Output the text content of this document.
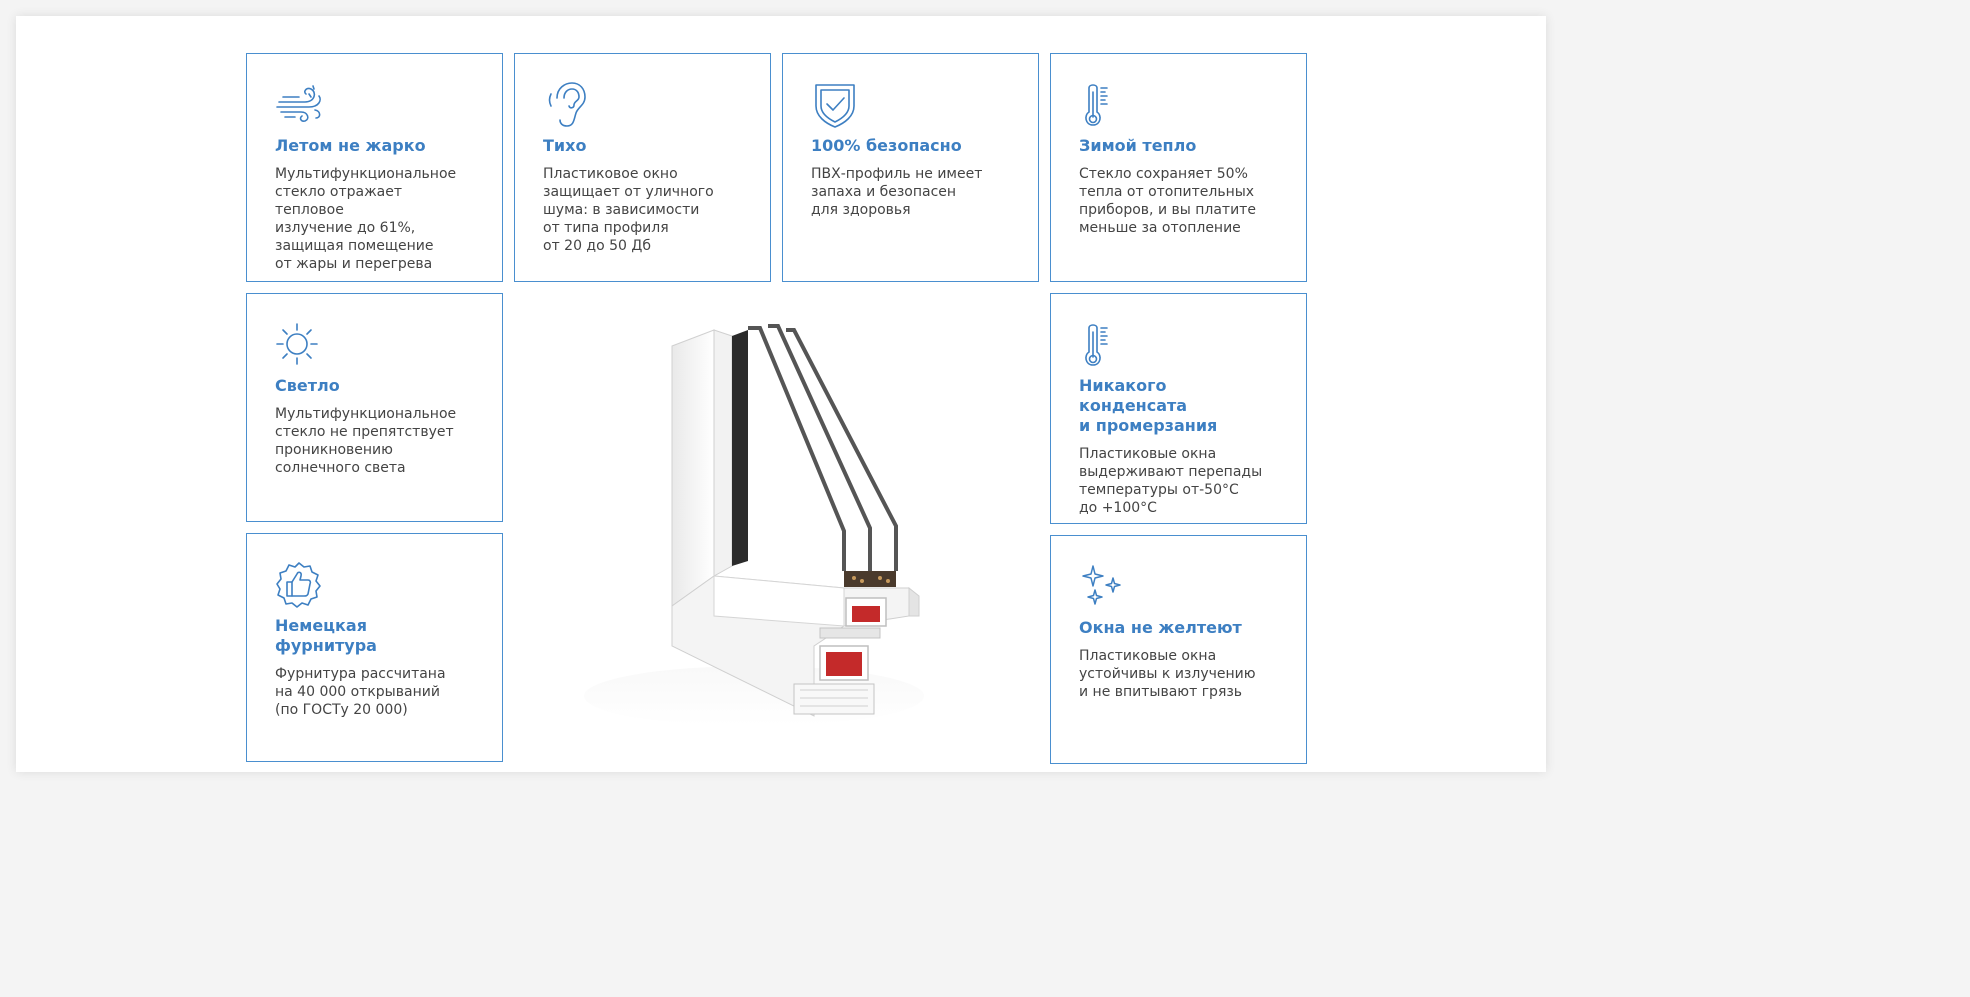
Летом не жарко

Мультифункциональное
стекло отражает тепловое
излучение до 61%,
защищая помещение
от жары и перегрева

Тихо

Пластиковое окно
защищает от уличного
шума: в зависимости
от типа профиля
от 20 до 50 Дб

100% безопасно

ПВХ-профиль не имеет
запаха и безопасен
для здоровья

Зимой тепло

Стекло сохраняет 50%
тепла от отопительных
приборов, и вы платите
меньше за отопление

Светло

Мультифункциональное
стекло не препятствует
проникновению
солнечного света

Никакого конденсата
и промерзания

Пластиковые окна
выдерживают перепады
температуры от-50°C
до +100°C

Немецкая фурнитура

Фурнитура рассчитана
на 40 000 открываний
(по ГОСТу 20 000)

Окна не желтеют

Пластиковые окна
устойчивы к излучению
и не впитывают грязь
